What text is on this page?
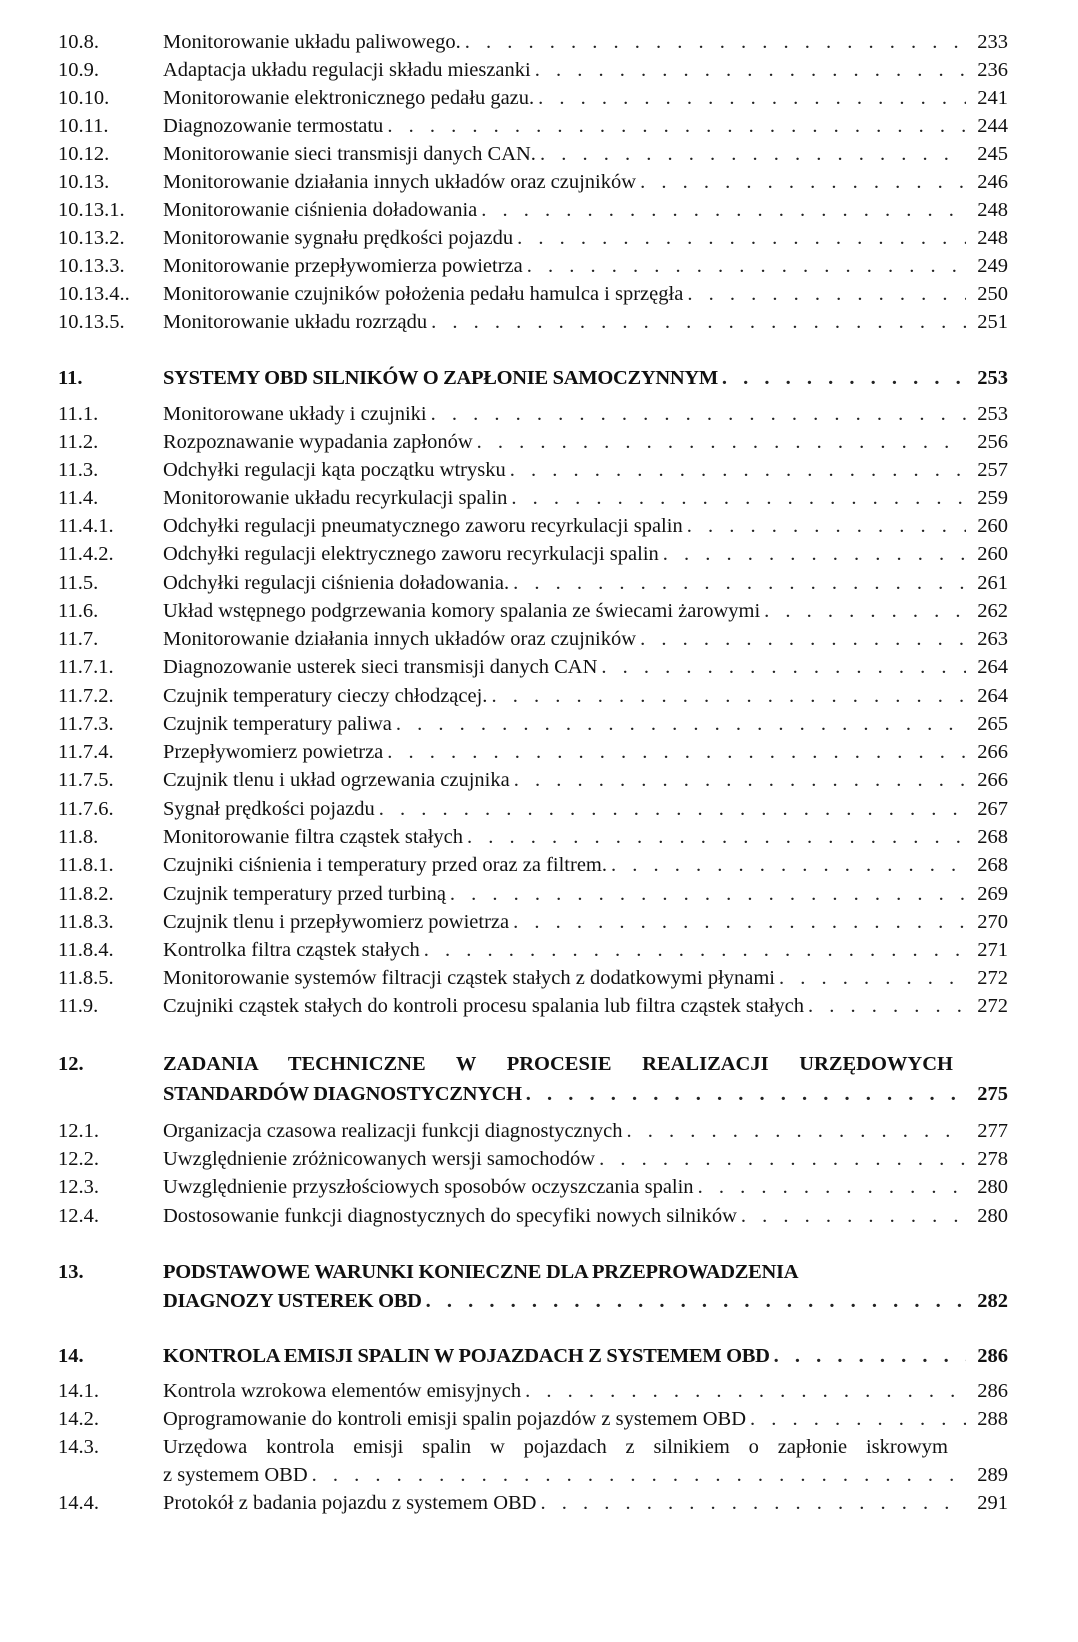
10.8.	Monitorowanie układu paliwowego. . . .	233
10.9.	Adaptacja układu regulacji składu mieszanki . . .	236
10.10.	Monitorowanie elektronicznego pedału gazu. . . .	241
10.11.	Diagnozowanie termostatu . . .	244
10.12.	Monitorowanie sieci transmisji danych CAN. . . .	245
10.13.	Monitorowanie działania innych układów oraz czujników . . .	246
10.13.1. Monitorowanie ciśnienia doładowania . . .	248
10.13.2. Monitorowanie sygnału prędkości pojazdu . . .	248
10.13.3. Monitorowanie przepływomierza powietrza . . .	249
10.13.4.. Monitorowanie czujników położenia pedału hamulca i sprzęgła . . .	250
10.13.5. Monitorowanie układu rozrządu . . .	251
11.	SYSTEMY OBD SILNIKÓW O ZAPŁONIE SAMOCZYNNYM . . .	253
11.1.	Monitorowane układy i czujniki . . .	253
11.2.	Rozpoznawanie wypadania zapłonów . . .	256
11.3.	Odchyłki regulacji kąta początku wtrysku . . .	257
11.4.	Monitorowanie układu recyrkulacji spalin . . .	259
11.4.1. Odchyłki regulacji pneumatycznego zaworu recyrkulacji spalin . . .	260
11.4.2. Odchyłki regulacji elektrycznego zaworu recyrkulacji spalin . . .	260
11.5.	Odchyłki regulacji ciśnienia doładowania. . . .	261
11.6.	Układ wstępnego podgrzewania komory spalania ze świecami żarowymi . . .	262
11.7.	Monitorowanie działania innych układów oraz czujników . . .	263
11.7.1. Diagnozowanie usterek sieci transmisji danych CAN . . .	264
11.7.2. Czujnik temperatury cieczy chłodzącej. . . .	264
11.7.3. Czujnik temperatury paliwa . . .	265
11.7.4. Przepływomierz powietrza . . .	266
11.7.5. Czujnik tlenu i układ ogrzewania czujnika . . .	266
11.7.6. Sygnał prędkości pojazdu . . .	267
11.8.	Monitorowanie filtra cząstek stałych . . .	268
11.8.1. Czujniki ciśnienia i temperatury przed oraz za filtrem. . . .	268
11.8.2. Czujnik temperatury przed turbiną . . .	269
11.8.3. Czujnik tlenu i przepływomierz powietrza . . .	270
11.8.4. Kontrolka filtra cząstek stałych . . .	271
11.8.5. Monitorowanie systemów filtracji cząstek stałych z dodatkowymi płynami . . .	272
11.9.	Czujniki cząstek stałych do kontroli procesu spalania lub filtra cząstek stałych . . .	272
12.	ZADANIA TECHNICZNE W PROCESIE REALIZACJI URZĘDOWYCH
STANDARDÓW DIAGNOSTYCZNYCH . . .	275
12.1.	Organizacja czasowa realizacji funkcji diagnostycznych . . .	277
12.2.	Uwzględnienie zróżnicowanych wersji samochodów . . .	278
12.3.	Uwzględnienie przyszłościowych sposobów oczyszczania spalin . . .	280
12.4.	Dostosowanie funkcji diagnostycznych do specyfiki nowych silników . . .	280
13.	PODSTAWOWE WARUNKI KONIECZNE DLA PRZEPROWADZENIA
DIAGNOZY USTEREK OBD . . .	282
14.	KONTROLA EMISJI SPALIN W POJAZDACH Z SYSTEMEM OBD . . .	286
14.1.	Kontrola wzrokowa elementów emisyjnych . . .	286
14.2.	Oprogramowanie do kontroli emisji spalin pojazdów z systemem OBD . . .	288
14.3.	Urzędowa kontrola emisji spalin w pojazdach z silnikiem o zapłonie iskrowym
z systemem OBD . . .	289
14.4.	Protokół z badania pojazdu z systemem OBD . . .	291
